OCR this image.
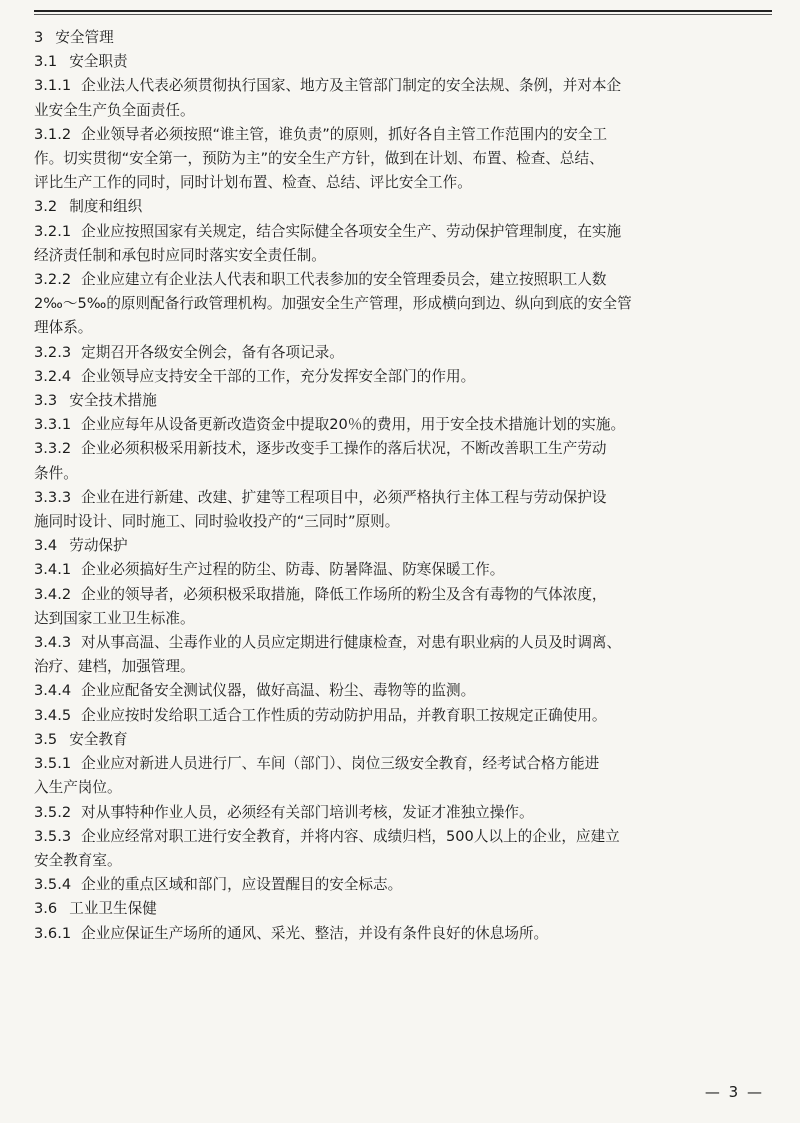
3 安全管理
3.1 安全职责
3.1.1 企业法人代表必须贯彻执行国家、地方及主管部门制定的安全法规、条例，并对本企
业安全生产负全面责任。
3.1.2 企业领导者必须按照“谁主管，谁负责”的原则，抓好各自主管工作范围内的安全工
作。切实贯彻“安全第一，预防为主”的安全生产方针，做到在计划、布置、检查、总结、
评比生产工作的同时，同时计划布置、检查、总结、评比安全工作。
3.2 制度和组织
3.2.1 企业应按照国家有关规定，结合实际健全各项安全生产、劳动保护管理制度，在实施
经济责任制和承包时应同时落实安全责任制。
3.2.2 企业应建立有企业法人代表和职工代表参加的安全管理委员会，建立按照职工人数
2‰～5‰的原则配备行政管理机构。加强安全生产管理，形成横向到边、纵向到底的安全管
理体系。
3.2.3 定期召开各级安全例会，备有各项记录。
3.2.4 企业领导应支持安全干部的工作，充分发挥安全部门的作用。
3.3 安全技术措施
3.3.1 企业应每年从设备更新改造资金中提取20％的费用，用于安全技术措施计划的实施。
3.3.2 企业必须积极采用新技术，逐步改变手工操作的落后状况，不断改善职工生产劳动
条件。
3.3.3 企业在进行新建、改建、扩建等工程项目中，必须严格执行主体工程与劳动保护设
施同时设计、同时施工、同时验收投产的“三同时”原则。
3.4 劳动保护
3.4.1 企业必须搞好生产过程的防尘、防毒、防暑降温、防寒保暖工作。
3.4.2 企业的领导者，必须积极采取措施，降低工作场所的粉尘及含有毒物的气体浓度，
达到国家工业卫生标准。
3.4.3 对从事高温、尘毒作业的人员应定期进行健康检查，对患有职业病的人员及时调离、
治疗、建档，加强管理。
3.4.4 企业应配备安全测试仪器，做好高温、粉尘、毒物等的监测。
3.4.5 企业应按时发给职工适合工作性质的劳动防护用品，并教育职工按规定正确使用。
3.5 安全教育
3.5.1 企业应对新进人员进行厂、车间（部门）、岗位三级安全教育，经考试合格方能进
入生产岗位。
3.5.2 对从事特种作业人员，必须经有关部门培训考核，发证才准独立操作。
3.5.3 企业应经常对职工进行安全教育，并将内容、成绩归档，500人以上的企业，应建立
安全教育室。
3.5.4 企业的重点区域和部门，应设置醒目的安全标志。
3.6 工业卫生保健
3.6.1 企业应保证生产场所的通风、采光、整洁，并设有条件良好的休息场所。
— 3 —
